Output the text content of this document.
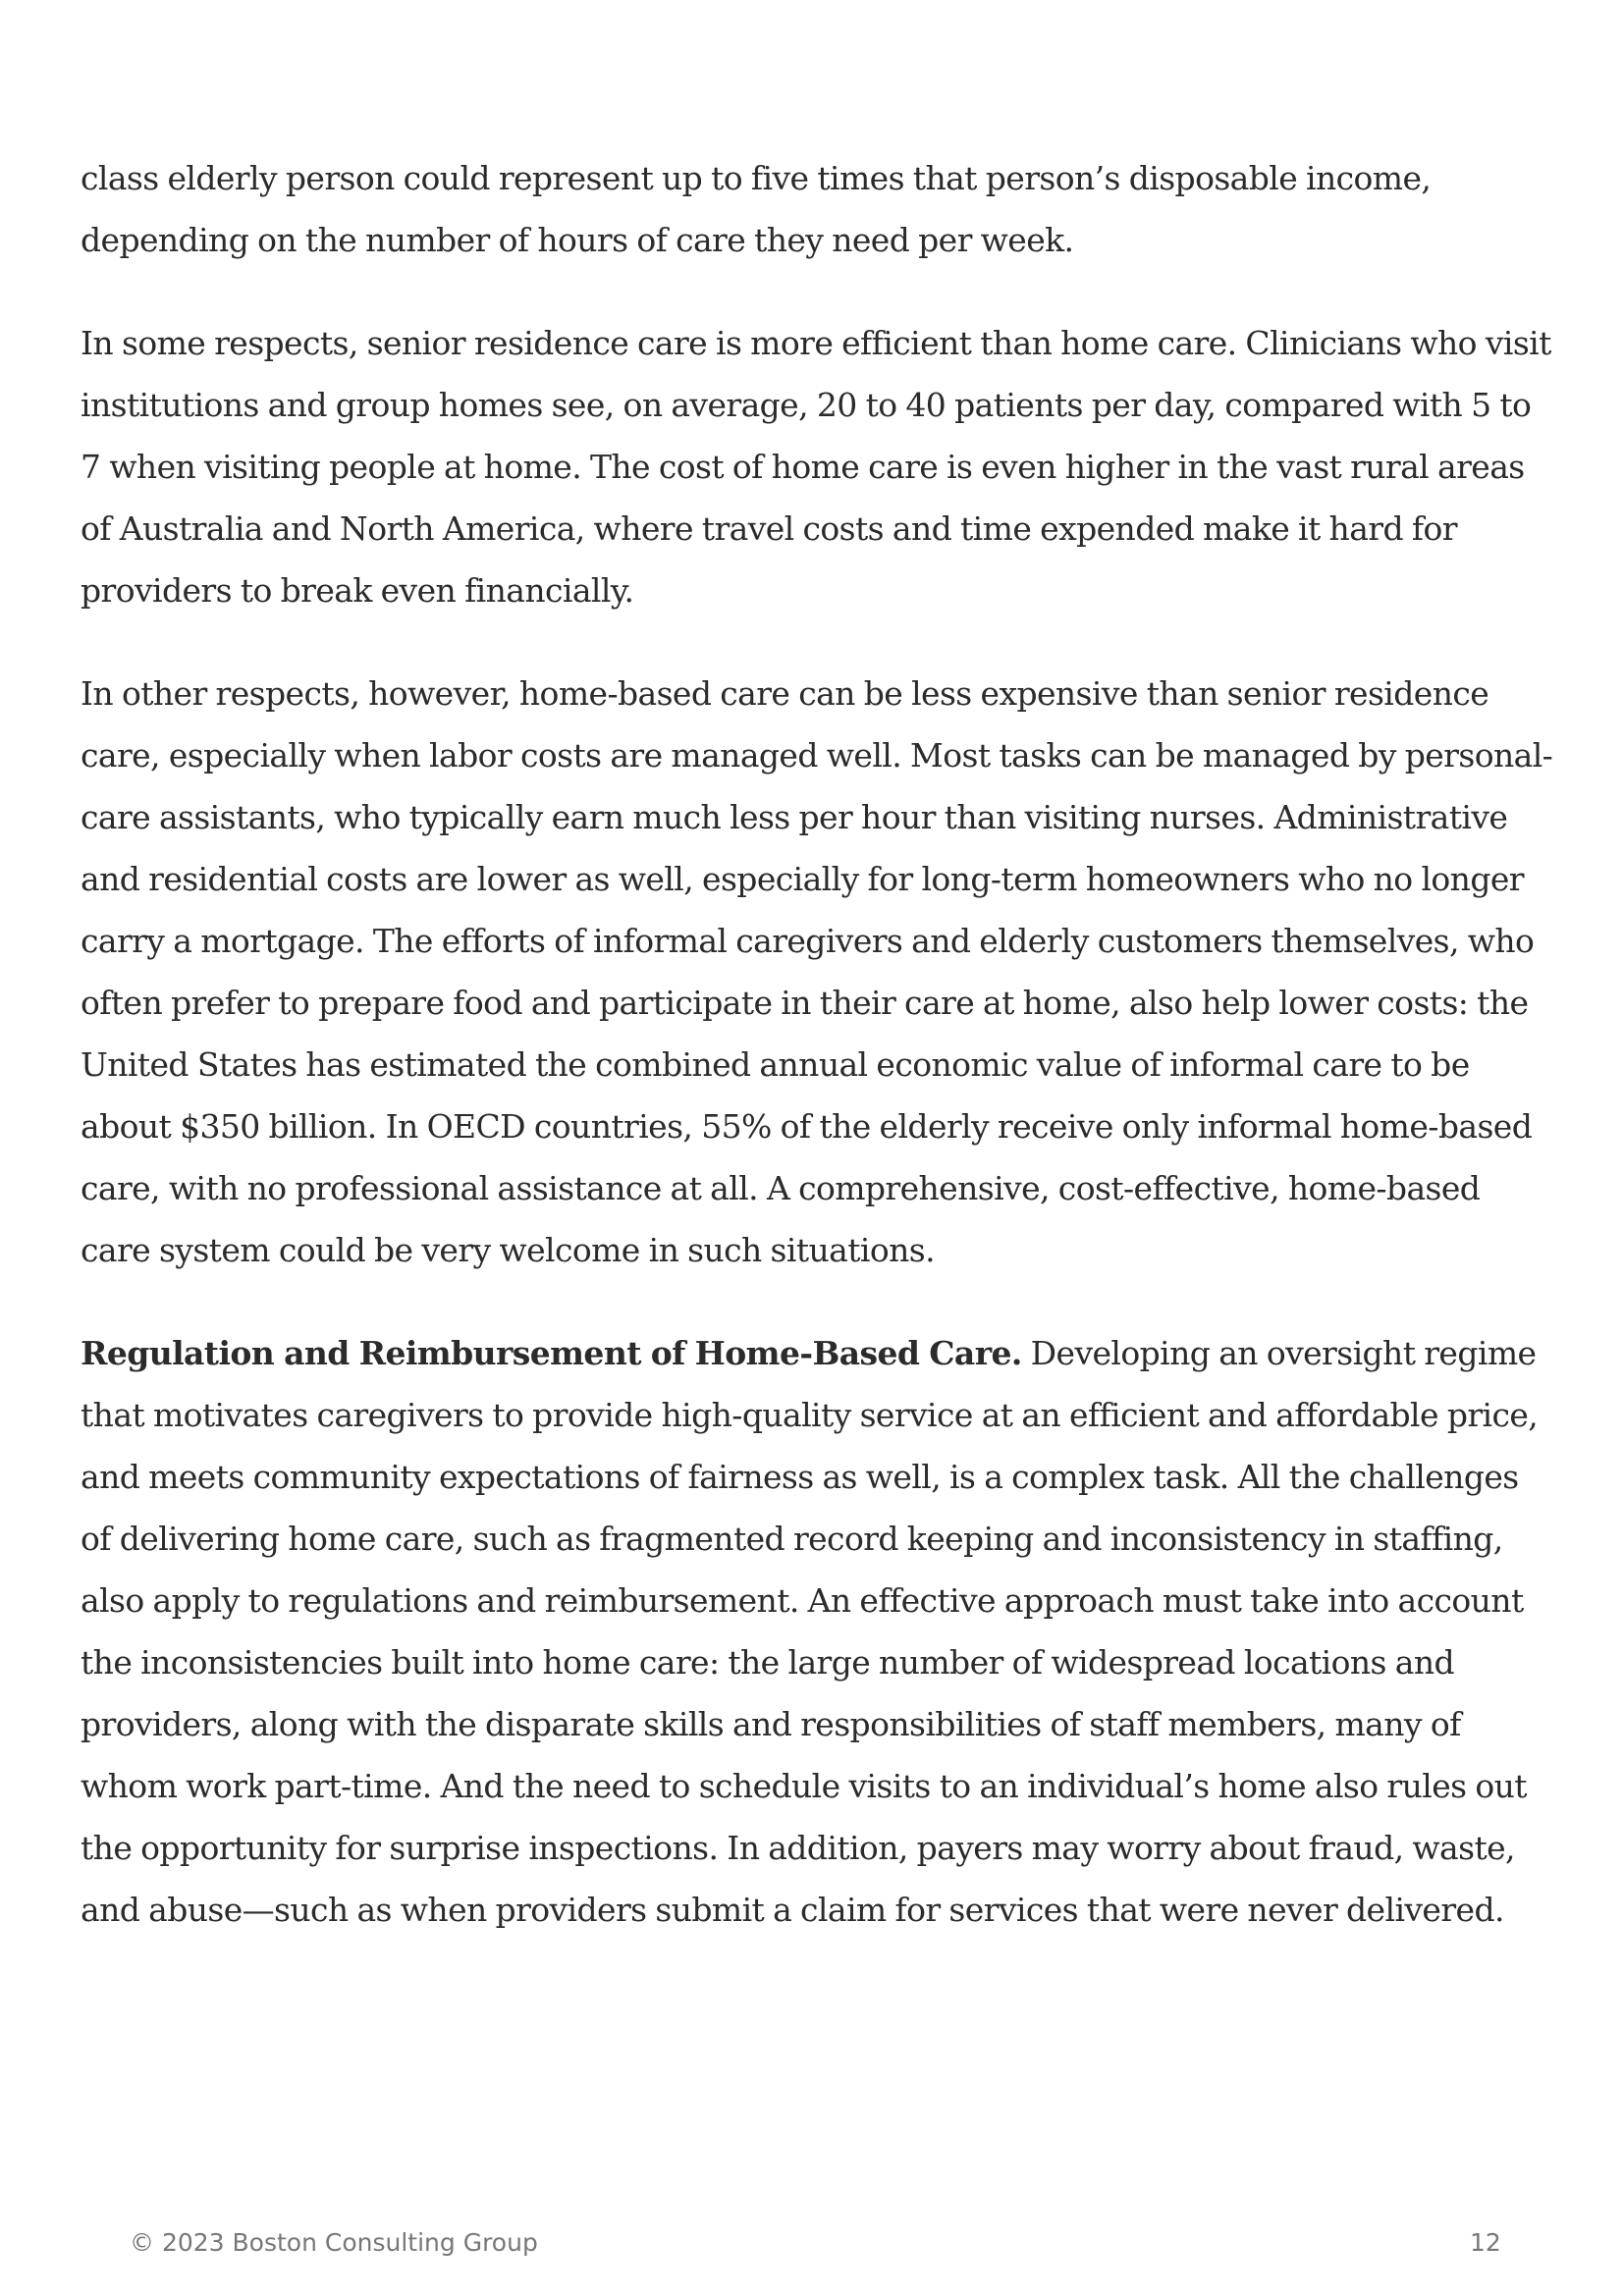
class elderly person could represent up to five times that person’s disposable income, depending on the number of hours of care they need per week.

In some respects, senior residence care is more efficient than home care. Clinicians who visit institutions and group homes see, on average, 20 to 40 patients per day, compared with 5 to 7 when visiting people at home. The cost of home care is even higher in the vast rural areas of Australia and North America, where travel costs and time expended make it hard for providers to break even financially.

In other respects, however, home-based care can be less expensive than senior residence care, especially when labor costs are managed well. Most tasks can be managed by personal-care assistants, who typically earn much less per hour than visiting nurses. Administrative and residential costs are lower as well, especially for long-term homeowners who no longer carry a mortgage. The efforts of informal caregivers and elderly customers themselves, who often prefer to prepare food and participate in their care at home, also help lower costs: the United States has estimated the combined annual economic value of informal care to be about $350 billion. In OECD countries, 55% of the elderly receive only informal home-based care, with no professional assistance at all. A comprehensive, cost-effective, home-based care system could be very welcome in such situations.

Regulation and Reimbursement of Home-Based Care. Developing an oversight regime that motivates caregivers to provide high-quality service at an efficient and affordable price, and meets community expectations of fairness as well, is a complex task. All the challenges of delivering home care, such as fragmented record keeping and inconsistency in staffing, also apply to regulations and reimbursement. An effective approach must take into account the inconsistencies built into home care: the large number of widespread locations and providers, along with the disparate skills and responsibilities of staff members, many of whom work part-time. And the need to schedule visits to an individual’s home also rules out the opportunity for surprise inspections. In addition, payers may worry about fraud, waste, and abuse—such as when providers submit a claim for services that were never delivered.

© 2023 Boston Consulting Group	12
